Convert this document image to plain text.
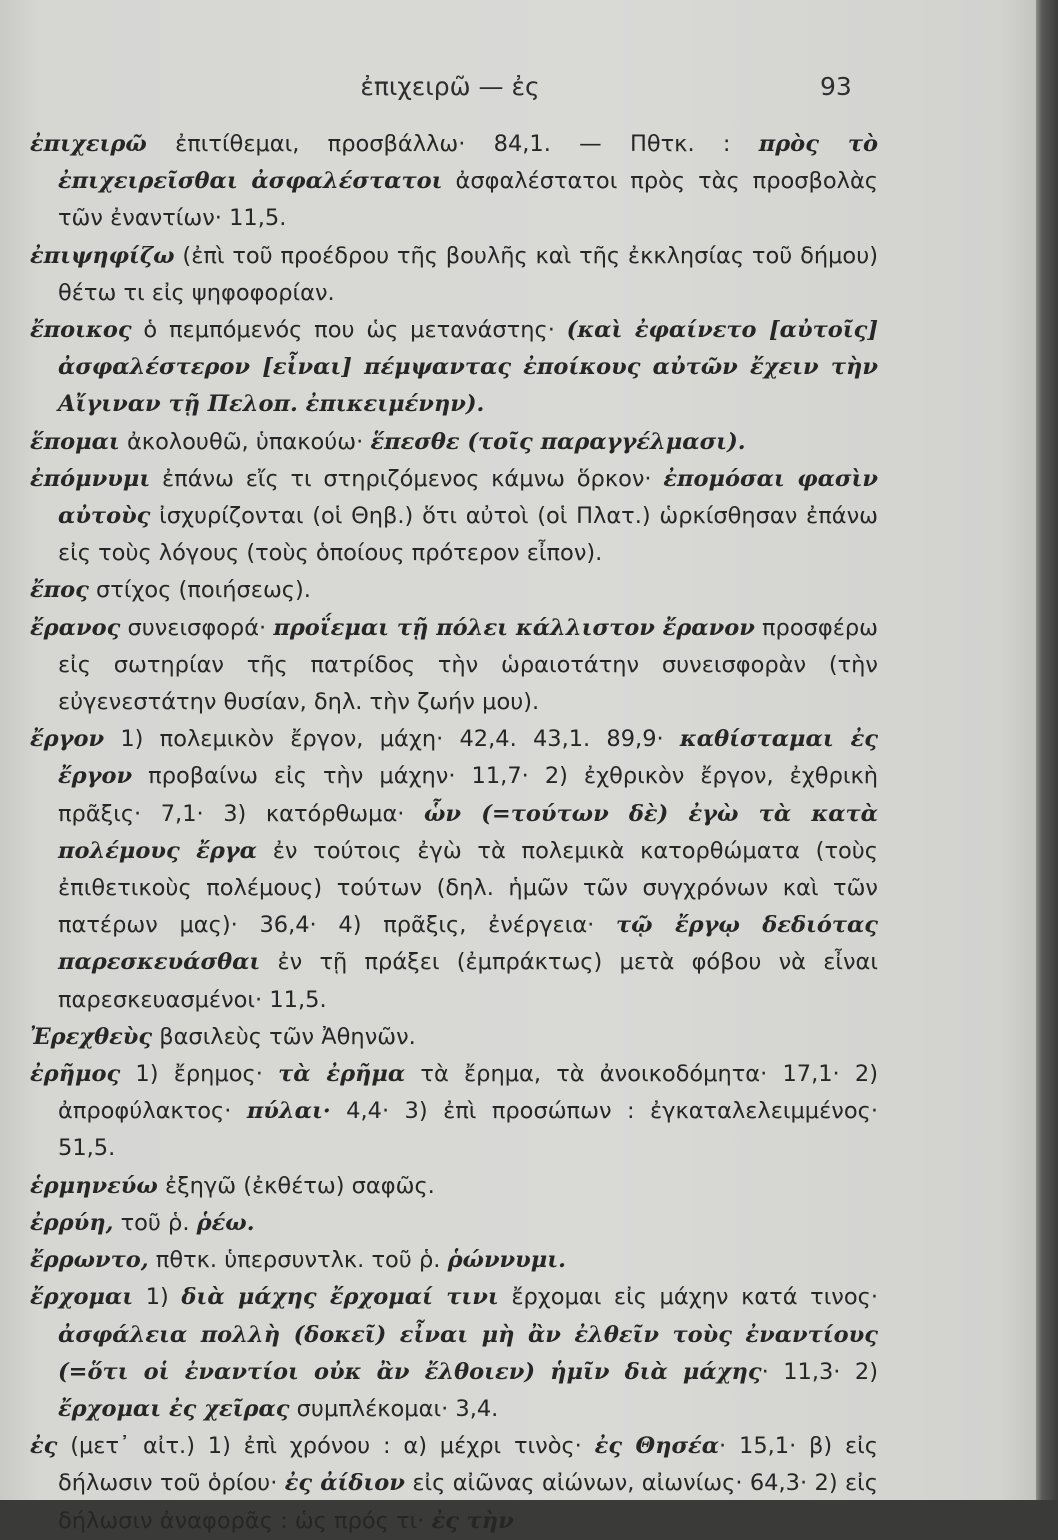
ἐπιχειρῶ — ἐς	93

ἐπιχειρῶ ἐπιτίθεμαι, προσβάλλω· 84,1. — Πθτκ. : πρὸς τὸ ἐπιχειρεῖσθαι ἀσφαλέστατοι ἀσφαλέστατοι πρὸς τὰς προσβολὰς τῶν ἐναντίων· 11,5.

ἐπιψηφίζω (ἐπὶ τοῦ προέδρου τῆς βουλῆς καὶ τῆς ἐκκλησίας τοῦ δήμου) θέτω τι εἰς ψηφοφορίαν.

ἔποικος ὁ πεμπόμενός που ὡς μετανάστης· (καὶ ἐφαίνετο [αὐτοῖς] ἀσφαλέστερον [εἶναι] πέμψαντας ἐποίκους αὐτῶν ἔχειν τὴν Αἴγιναν τῇ Πελοπ. ἐπικειμένην).

ἕπομαι ἀκολουθῶ, ὑπακούω· ἕπεσθε (τοῖς παραγγέλμασι).

ἐπόμνυμι ἐπάνω εἴς τι στηριζόμενος κάμνω ὅρκον· ἐπομόσαι φασὶν αὐτοὺς ἰσχυρίζονται (οἱ Θηβ.) ὅτι αὐτοὶ (οἱ Πλατ.) ὡρκίσθησαν ἐπάνω εἰς τοὺς λόγους (τοὺς ὁποίους πρότερον εἶπον).

ἔπος στίχος (ποιήσεως).

ἔρανος συνεισφορά· προΐεμαι τῇ πόλει κάλλιστον ἔρανον προσφέρω εἰς σωτηρίαν τῆς πατρίδος τὴν ὡραιοτάτην συνεισφορὰν (τὴν εὐγενεστάτην θυσίαν, δηλ. τὴν ζωήν μου).

ἔργον 1) πολεμικὸν ἔργον, μάχη· 42,4. 43,1. 89,9· καθίσταμαι ἐς ἔργον προβαίνω εἰς τὴν μάχην· 11,7· 2) ἐχθρικὸν ἔργον, ἐχθρικὴ πρᾶξις· 7,1· 3) κατόρθωμα· ὧν (=τούτων δὲ) ἐγὼ τὰ κατὰ πολέμους ἔργα ἐν τούτοις ἐγὼ τὰ πολεμικὰ κατορθώματα (τοὺς ἐπιθετικοὺς πολέμους) τούτων (δηλ. ἡμῶν τῶν συγχρόνων καὶ τῶν πατέρων μας)· 36,4· 4) πρᾶξις, ἐνέργεια· τῷ ἔργῳ δεδιότας παρεσκευάσθαι ἐν τῇ πράξει (ἐμπράκτως) μετὰ φόβου νὰ εἶναι παρεσκευασμένοι· 11,5.

Ἐρεχθεὺς βασιλεὺς τῶν Ἀθηνῶν.

ἐρῆμος 1) ἔρημος· τὰ ἐρῆμα τὰ ἔρημα, τὰ ἀνοικοδόμητα· 17,1· 2) ἀπροφύλακτος· πύλαι· 4,4· 3) ἐπὶ προσώπων : ἐγκαταλελειμμένος· 51,5.

ἑρμηνεύω ἐξηγῶ (ἐκθέτω) σαφῶς.

ἐρρύη, τοῦ ῥ. ῥέω.

ἔρρωντο, πθτκ. ὑπερσυντλκ. τοῦ ῥ. ῥώννυμι.

ἔρχομαι 1) διὰ μάχης ἔρχομαί τινι ἔρχομαι εἰς μάχην κατά τινος· ἀσφάλεια πολλὴ (δοκεῖ) εἶναι μὴ ἂν ἐλθεῖν τοὺς ἐναντίους (=ὅτι οἱ ἐναντίοι οὐκ ἂν ἔλθοιεν) ἡμῖν διὰ μάχης· 11,3· 2) ἔρχομαι ἐς χεῖρας συμπλέκομαι· 3,4.

ἐς (μετ᾽ αἰτ.) 1) ἐπὶ χρόνου : α) μέχρι τινὸς· ἐς Θησέα· 15,1· β) εἰς δήλωσιν τοῦ ὁρίου· ἐς ἀίδιον εἰς αἰῶνας αἰώνων, αἰωνίως· 64,3· 2) εἰς δήλωσιν ἀναφορᾶς : ὡς πρός τι· ἐς τὴν
